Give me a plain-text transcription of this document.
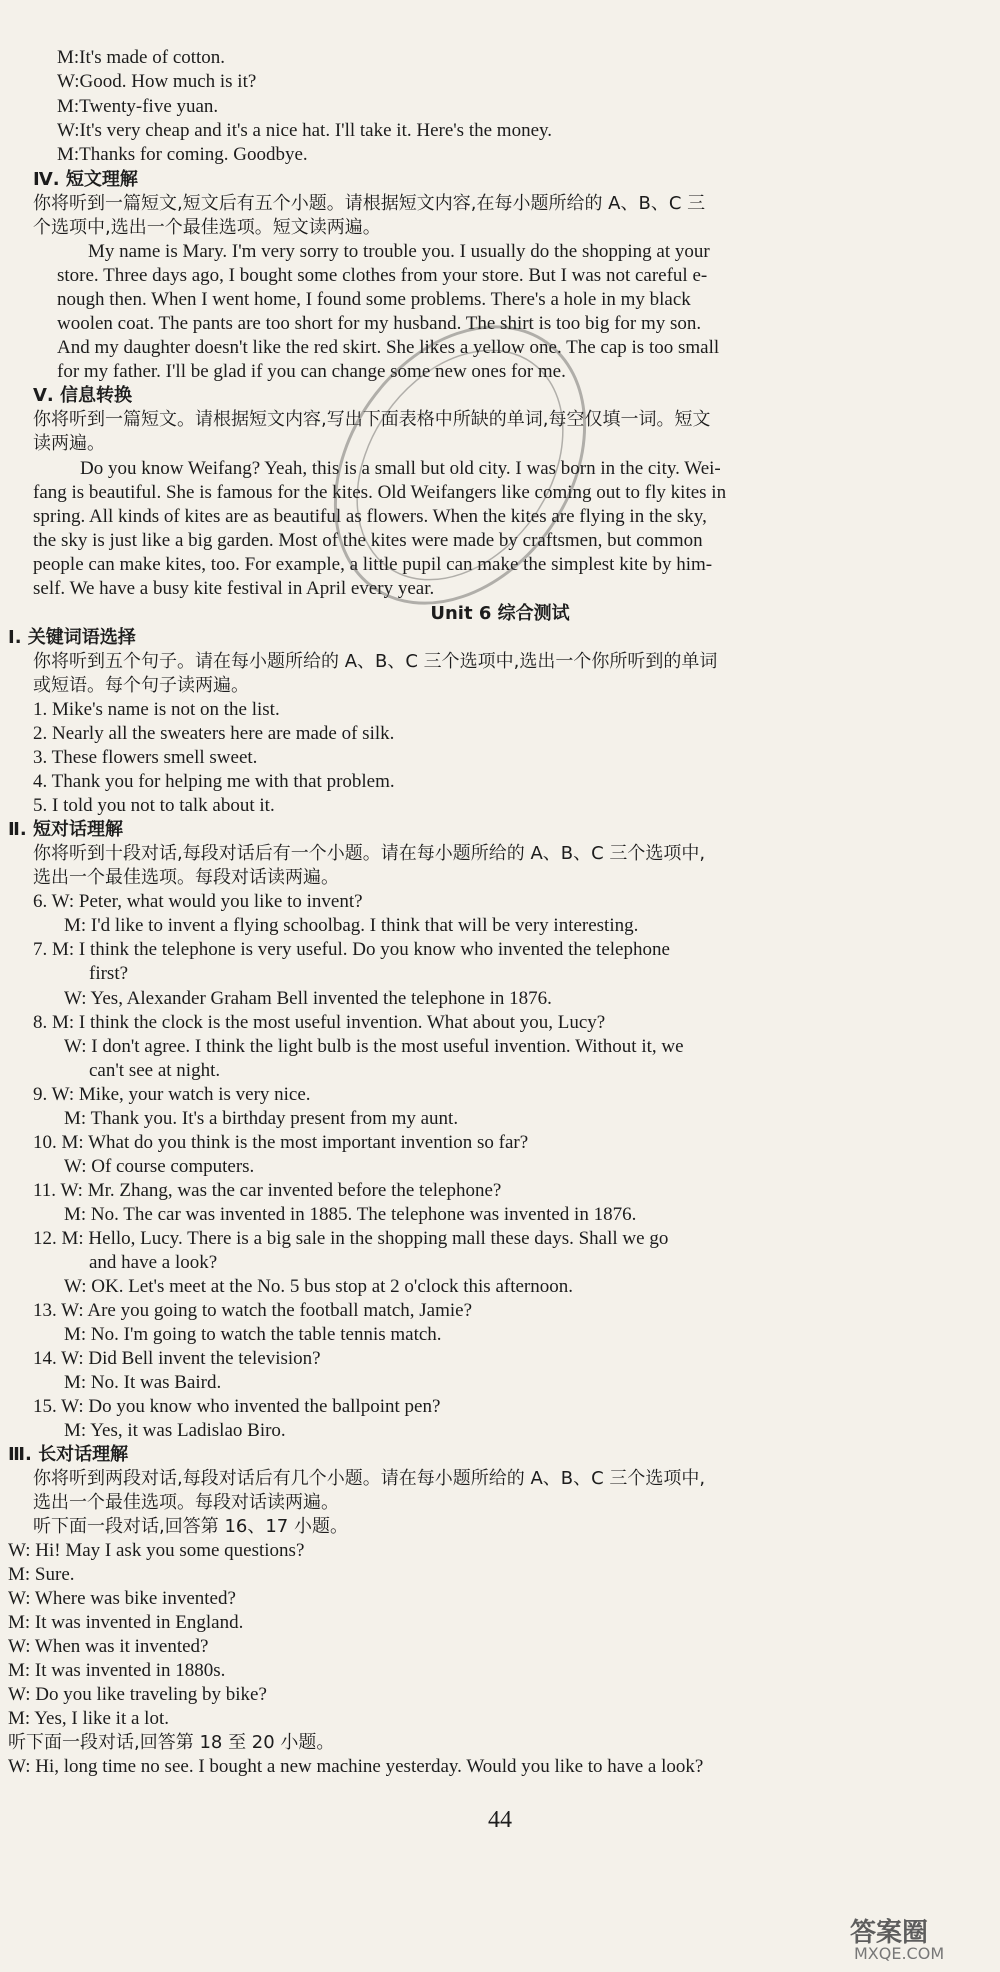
M:It's made of cotton.
W:Good. How much is it?
M:Twenty-five yuan.
W:It's very cheap and it's a nice hat. I'll take it. Here's the money.
M:Thanks for coming. Goodbye.
Ⅳ. 短文理解
你将听到一篇短文,短文后有五个小题。请根据短文内容,在每小题所给的 A、B、C 三
个选项中,选出一个最佳选项。短文读两遍。
My name is Mary. I'm very sorry to trouble you. I usually do the shopping at your
store. Three days ago, I bought some clothes from your store. But I was not careful e-
nough then. When I went home, I found some problems. There's a hole in my black
woolen coat. The pants are too short for my husband. The shirt is too big for my son.
And my daughter doesn't like the red skirt. She likes a yellow one. The cap is too small
for my father. I'll be glad if you can change some new ones for me.
Ⅴ. 信息转换
你将听到一篇短文。请根据短文内容,写出下面表格中所缺的单词,每空仅填一词。短文
读两遍。
Do you know Weifang? Yeah, this is a small but old city. I was born in the city. Wei-
fang is beautiful. She is famous for the kites. Old Weifangers like coming out to fly kites in
spring. All kinds of kites are as beautiful as flowers. When the kites are flying in the sky,
the sky is just like a big garden. Most of the kites were made by craftsmen, but common
people can make kites, too. For example, a little pupil can make the simplest kite by him-
self. We have a busy kite festival in April every year.
Unit 6 综合测试
Ⅰ. 关键词语选择
你将听到五个句子。请在每小题所给的 A、B、C 三个选项中,选出一个你所听到的单词
或短语。每个句子读两遍。
1. Mike's name is not on the list.
2. Nearly all the sweaters here are made of silk.
3. These flowers smell sweet.
4. Thank you for helping me with that problem.
5. I told you not to talk about it.
Ⅱ. 短对话理解
你将听到十段对话,每段对话后有一个小题。请在每小题所给的 A、B、C 三个选项中,
选出一个最佳选项。每段对话读两遍。
6. W: Peter, what would you like to invent?
M: I'd like to invent a flying schoolbag. I think that will be very interesting.
7. M: I think the telephone is very useful. Do you know who invented the telephone
first?
W: Yes, Alexander Graham Bell invented the telephone in 1876.
8. M: I think the clock is the most useful invention. What about you, Lucy?
W: I don't agree. I think the light bulb is the most useful invention. Without it, we
can't see at night.
9. W: Mike, your watch is very nice.
M: Thank you. It's a birthday present from my aunt.
10. M: What do you think is the most important invention so far?
W: Of course computers.
11. W: Mr. Zhang, was the car invented before the telephone?
M: No. The car was invented in 1885. The telephone was invented in 1876.
12. M: Hello, Lucy. There is a big sale in the shopping mall these days. Shall we go
and have a look?
W: OK. Let's meet at the No. 5 bus stop at 2 o'clock this afternoon.
13. W: Are you going to watch the football match, Jamie?
M: No. I'm going to watch the table tennis match.
14. W: Did Bell invent the television?
M: No. It was Baird.
15. W: Do you know who invented the ballpoint pen?
M: Yes, it was Ladislao Biro.
Ⅲ. 长对话理解
你将听到两段对话,每段对话后有几个小题。请在每小题所给的 A、B、C 三个选项中,
选出一个最佳选项。每段对话读两遍。
听下面一段对话,回答第 16、17 小题。
W: Hi! May I ask you some questions?
M: Sure.
W: Where was bike invented?
M: It was invented in England.
W: When was it invented?
M: It was invented in 1880s.
W: Do you like traveling by bike?
M: Yes, I like it a lot.
听下面一段对话,回答第 18 至 20 小题。
W: Hi, long time no see. I bought a new machine yesterday. Would you like to have a look?
44
答案圈
MXQE.COM
